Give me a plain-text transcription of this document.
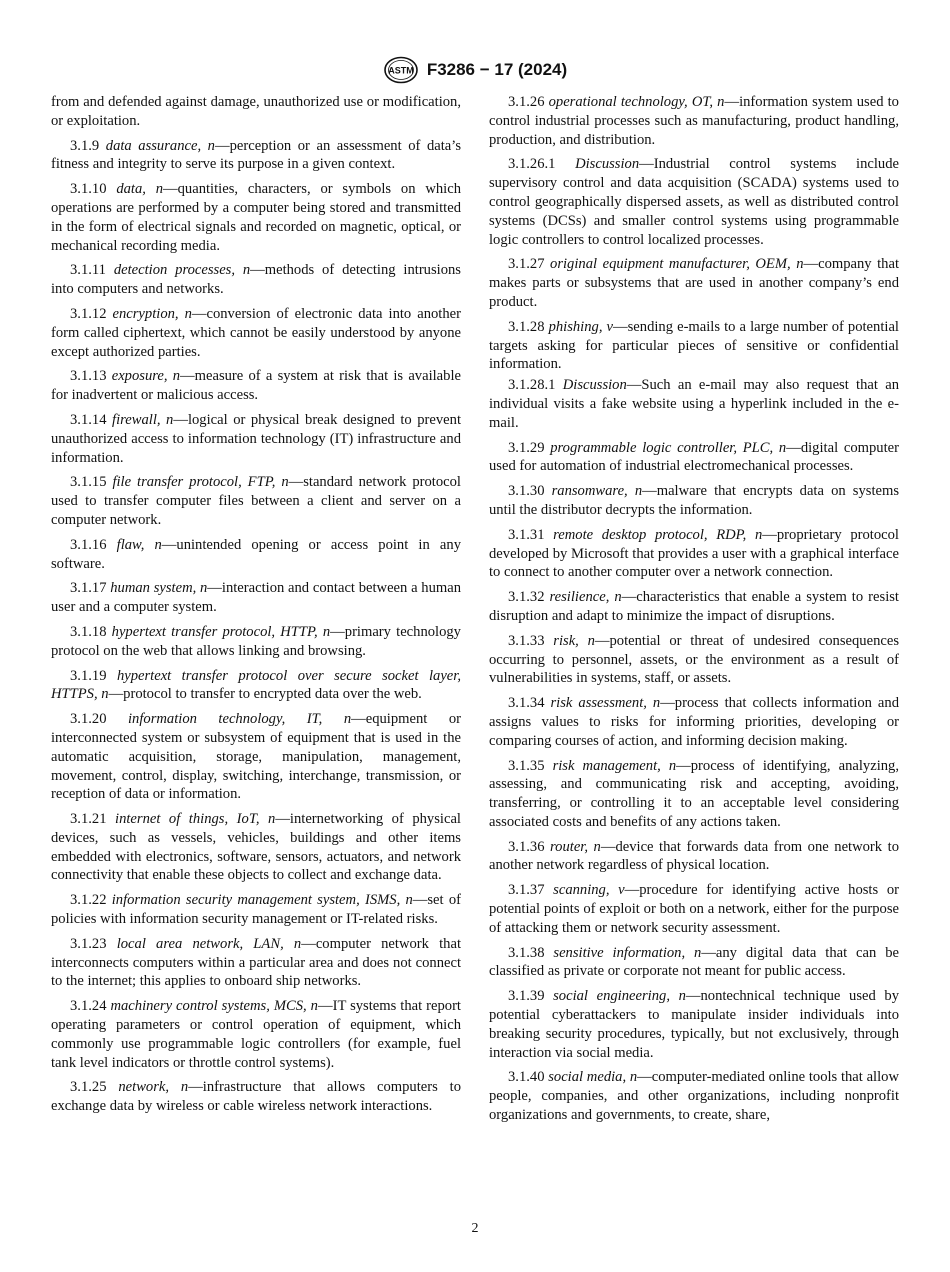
ASTM F3286 − 17 (2024)

from and defended against damage, unauthorized use or modification, or exploitation.

3.1.9 data assurance, n—perception or an assessment of data’s fitness and integrity to serve its purpose in a given context.

3.1.10 data, n—quantities, characters, or symbols on which operations are performed by a computer being stored and transmitted in the form of electrical signals and recorded on magnetic, optical, or mechanical recording media.

3.1.11 detection processes, n—methods of detecting intrusions into computers and networks.

3.1.12 encryption, n—conversion of electronic data into another form called ciphertext, which cannot be easily understood by anyone except authorized parties.

3.1.13 exposure, n—measure of a system at risk that is available for inadvertent or malicious access.

3.1.14 firewall, n—logical or physical break designed to prevent unauthorized access to information technology (IT) infrastructure and information.

3.1.15 file transfer protocol, FTP, n—standard network protocol used to transfer computer files between a client and server on a computer network.

3.1.16 flaw, n—unintended opening or access point in any software.

3.1.17 human system, n—interaction and contact between a human user and a computer system.

3.1.18 hypertext transfer protocol, HTTP, n—primary technology protocol on the web that allows linking and browsing.

3.1.19 hypertext transfer protocol over secure socket layer, HTTPS, n—protocol to transfer to encrypted data over the web.

3.1.20 information technology, IT, n—equipment or interconnected system or subsystem of equipment that is used in the automatic acquisition, storage, manipulation, management, movement, control, display, switching, interchange, transmission, or reception of data or information.

3.1.21 internet of things, IoT, n—internetworking of physical devices, such as vessels, vehicles, buildings and other items embedded with electronics, software, sensors, actuators, and network connectivity that enable these objects to collect and exchange data.

3.1.22 information security management system, ISMS, n—set of policies with information security management or IT-related risks.

3.1.23 local area network, LAN, n—computer network that interconnects computers within a particular area and does not connect to the internet; this applies to onboard ship networks.

3.1.24 machinery control systems, MCS, n—IT systems that report operating parameters or control operation of equipment, which commonly use programmable logic controllers (for example, fuel tank level indicators or throttle control systems).

3.1.25 network, n—infrastructure that allows computers to exchange data by wireless or cable wireless network interactions.

3.1.26 operational technology, OT, n—information system used to control industrial processes such as manufacturing, product handling, production, and distribution.

3.1.26.1 Discussion—Industrial control systems include supervisory control and data acquisition (SCADA) systems used to control geographically dispersed assets, as well as distributed control systems (DCSs) and smaller control systems using programmable logic controllers to control localized processes.

3.1.27 original equipment manufacturer, OEM, n—company that makes parts or subsystems that are used in another company’s end product.

3.1.28 phishing, v—sending e-mails to a large number of potential targets asking for particular pieces of sensitive or confidential information.

3.1.28.1 Discussion—Such an e-mail may also request that an individual visits a fake website using a hyperlink included in the e-mail.

3.1.29 programmable logic controller, PLC, n—digital computer used for automation of industrial electromechanical processes.

3.1.30 ransomware, n—malware that encrypts data on systems until the distributor decrypts the information.

3.1.31 remote desktop protocol, RDP, n—proprietary protocol developed by Microsoft that provides a user with a graphical interface to connect to another computer over a network connection.

3.1.32 resilience, n—characteristics that enable a system to resist disruption and adapt to minimize the impact of disruptions.

3.1.33 risk, n—potential or threat of undesired consequences occurring to personnel, assets, or the environment as a result of vulnerabilities in systems, staff, or assets.

3.1.34 risk assessment, n—process that collects information and assigns values to risks for informing priorities, developing or comparing courses of action, and informing decision making.

3.1.35 risk management, n—process of identifying, analyzing, assessing, and communicating risk and accepting, avoiding, transferring, or controlling it to an acceptable level considering associated costs and benefits of any actions taken.

3.1.36 router, n—device that forwards data from one network to another network regardless of physical location.

3.1.37 scanning, v—procedure for identifying active hosts or potential points of exploit or both on a network, either for the purpose of attacking them or network security assessment.

3.1.38 sensitive information, n—any digital data that can be classified as private or corporate not meant for public access.

3.1.39 social engineering, n—nontechnical technique used by potential cyberattackers to manipulate insider individuals into breaking security procedures, typically, but not exclusively, through interaction via social media.

3.1.40 social media, n—computer-mediated online tools that allow people, companies, and other organizations, including nonprofit organizations and governments, to create, share,

2
